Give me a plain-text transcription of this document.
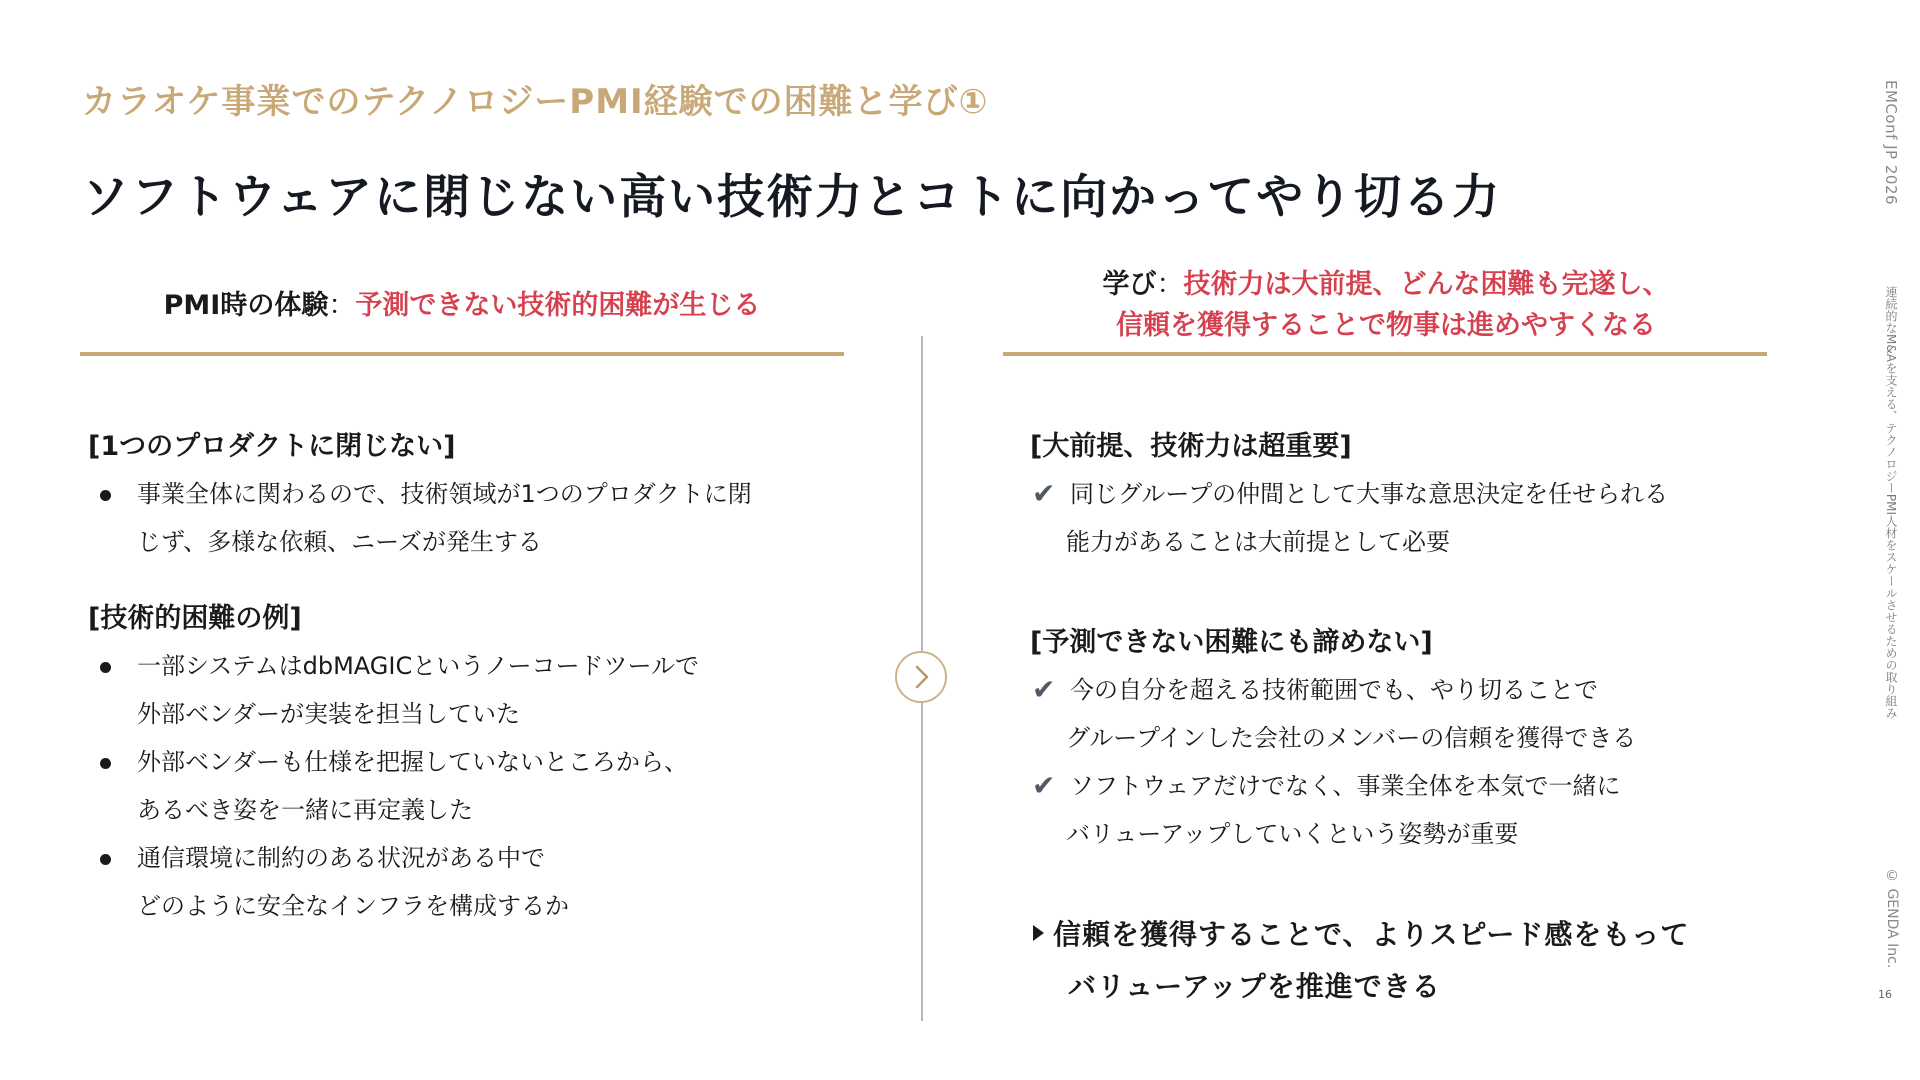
カラオケ事業でのテクノロジーPMI経験での困難と学び①
ソフトウェアに閉じない高い技術力とコトに向かってやり切る力	EMConf JP 2026
連続的なM&Aを支える、テクノロジーPMI人材をスケールさせるための取り組み
© GENDA Inc.
16
PMI時の体験：予測できない技術的困難が生じる
学び：技術力は大前提、どんな困難も完遂し、
信頼を獲得することで物事は進めやすくなる
[1つのプロダクトに閉じない]
事業全体に関わるので、技術領域が1つのプロダクトに閉
じず、多様な依頼、ニーズが発生する
[技術的困難の例]
一部システムはdbMAGICというノーコードツールで
外部ベンダーが実装を担当していた
外部ベンダーも仕様を把握していないところから、
あるべき姿を一緒に再定義した
通信環境に制約のある状況がある中で
どのように安全なインフラを構成するか
[大前提、技術力は超重要]
✔ 同じグループの仲間として大事な意思決定を任せられる
能力があることは大前提として必要
[予測できない困難にも諦めない]
✔ 今の自分を超える技術範囲でも、やり切ることで
グループインした会社のメンバーの信頼を獲得できる
✔ ソフトウェアだけでなく、事業全体を本気で一緒に
バリューアップしていくという姿勢が重要
信頼を獲得することで、よりスピード感をもって
バリューアップを推進できる
